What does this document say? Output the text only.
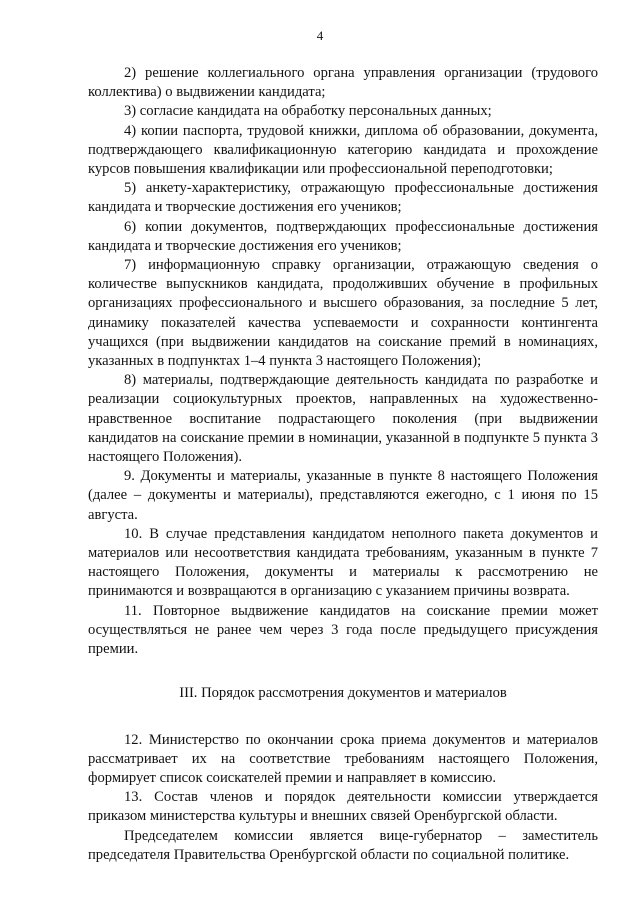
4

2) решение коллегиального органа управления организации (трудового коллектива) о выдвижении кандидата;

3) согласие кандидата на обработку персональных данных;

4) копии паспорта, трудовой книжки, диплома об образовании, документа, подтверждающего квалификационную категорию кандидата и прохождение курсов повышения квалификации или профессиональной переподготовки;

5) анкету-характеристику, отражающую профессиональные достижения кандидата и творческие достижения его учеников;

6) копии документов, подтверждающих профессиональные достижения кандидата и творческие достижения его учеников;

7) информационную справку организации, отражающую сведения о количестве выпускников кандидата, продолживших обучение в профильных организациях профессионального и высшего образования, за последние 5 лет, динамику показателей качества успеваемости и сохранности контингента учащихся (при выдвижении кандидатов на соискание премий в номинациях, указанных в подпунктах 1–4 пункта 3 настоящего Положения);

8) материалы, подтверждающие деятельность кандидата по разработке и реализации социокультурных проектов, направленных на художественно-нравственное воспитание подрастающего поколения (при выдвижении кандидатов на соискание премии в номинации, указанной в подпункте 5 пункта 3 настоящего Положения).

9. Документы и материалы, указанные в пункте 8 настоящего Положения (далее – документы и материалы), представляются ежегодно, с 1 июня по 15 августа.

10. В случае представления кандидатом неполного пакета документов и материалов или несоответствия кандидата требованиям, указанным в пункте 7 настоящего Положения, документы и материалы к рассмотрению не принимаются и возвращаются в организацию с указанием причины возврата.

11. Повторное выдвижение кандидатов на соискание премии может осуществляться не ранее чем через 3 года после предыдущего присуждения премии.

III. Порядок рассмотрения документов и материалов

12. Министерство по окончании срока приема документов и материалов рассматривает их на соответствие требованиям настоящего Положения, формирует список соискателей премии и направляет в комиссию.

13. Состав членов и порядок деятельности комиссии утверждается приказом министерства культуры и внешних связей Оренбургской области.

Председателем комиссии является вице-губернатор – заместитель председателя Правительства Оренбургской области по социальной политике.
